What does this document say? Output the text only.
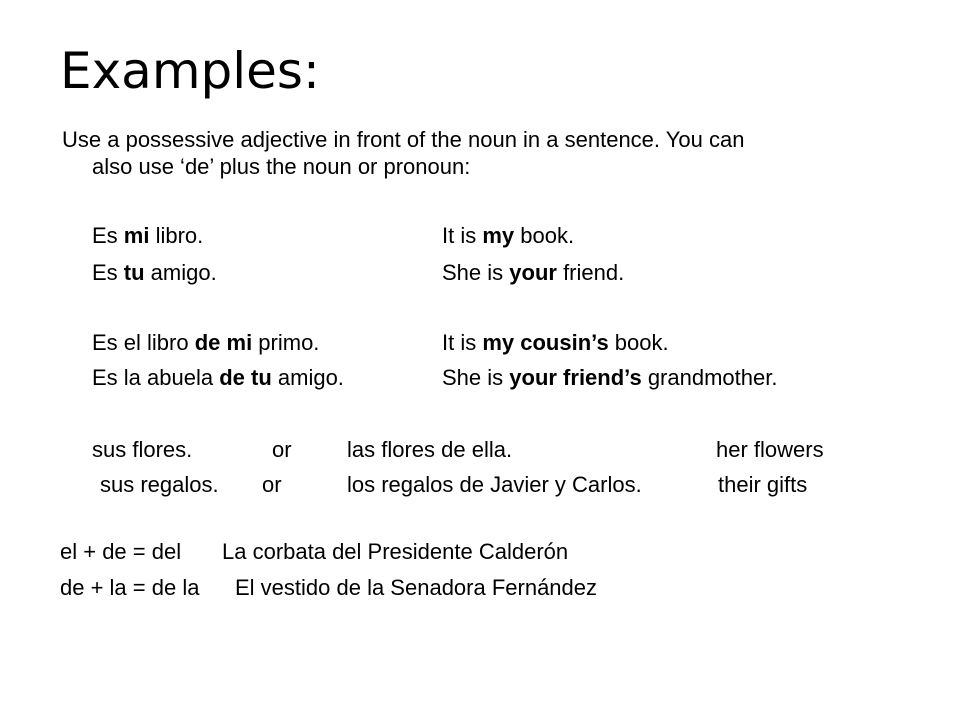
Examples:
Use a possessive adjective in front of the noun in a sentence. You can
also use ‘de’ plus the noun or pronoun:
Es mi libro.	It is my book.
Es tu amigo.	She is your friend.
Es el libro de mi primo.	It is my cousin’s book.
Es la abuela de tu amigo.	She is your friend’s grandmother.
sus flores.	or	las flores de ella.	her flowers
sus regalos. or	los regalos de Javier y Carlos.	their gifts
el + de = del La corbata del Presidente Calderón
de + la = de la El vestido de la Senadora Fernández
